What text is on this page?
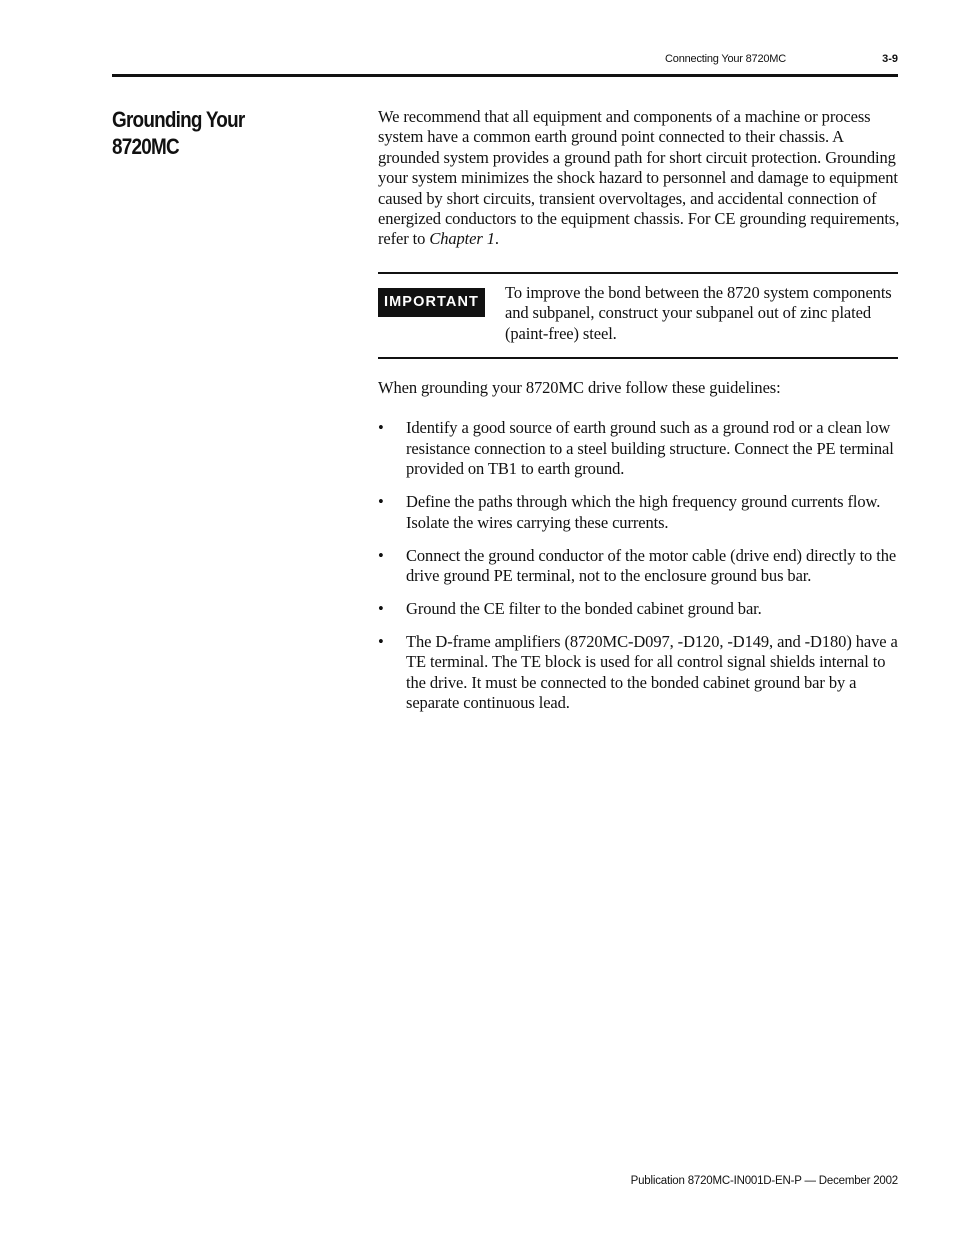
Connecting Your 8720MC	3-9
Grounding Your
8720MC

We recommend that all equipment and components of a machine or process system have a common earth ground point connected to their chassis. A grounded system provides a ground path for short circuit protection. Grounding your system minimizes the shock hazard to personnel and damage to equipment caused by short circuits, transient overvoltages, and accidental connection of energized conductors to the equipment chassis. For CE grounding requirements, refer to Chapter 1.

IMPORTANT	To improve the bond between the 8720 system components and subpanel, construct your subpanel out of zinc plated (paint-free) steel.

When grounding your 8720MC drive follow these guidelines:

• Identify a good source of earth ground such as a ground rod or a clean low resistance connection to a steel building structure. Connect the PE terminal provided on TB1 to earth ground.
• Define the paths through which the high frequency ground currents flow. Isolate the wires carrying these currents.
• Connect the ground conductor of the motor cable (drive end) directly to the drive ground PE terminal, not to the enclosure ground bus bar.
• Ground the CE filter to the bonded cabinet ground bar.
• The D-frame amplifiers (8720MC-D097, -D120, -D149, and -D180) have a TE terminal. The TE block is used for all control signal shields internal to the drive. It must be connected to the bonded cabinet ground bar by a separate continuous lead.
Publication 8720MC-IN001D-EN-P — December 2002
